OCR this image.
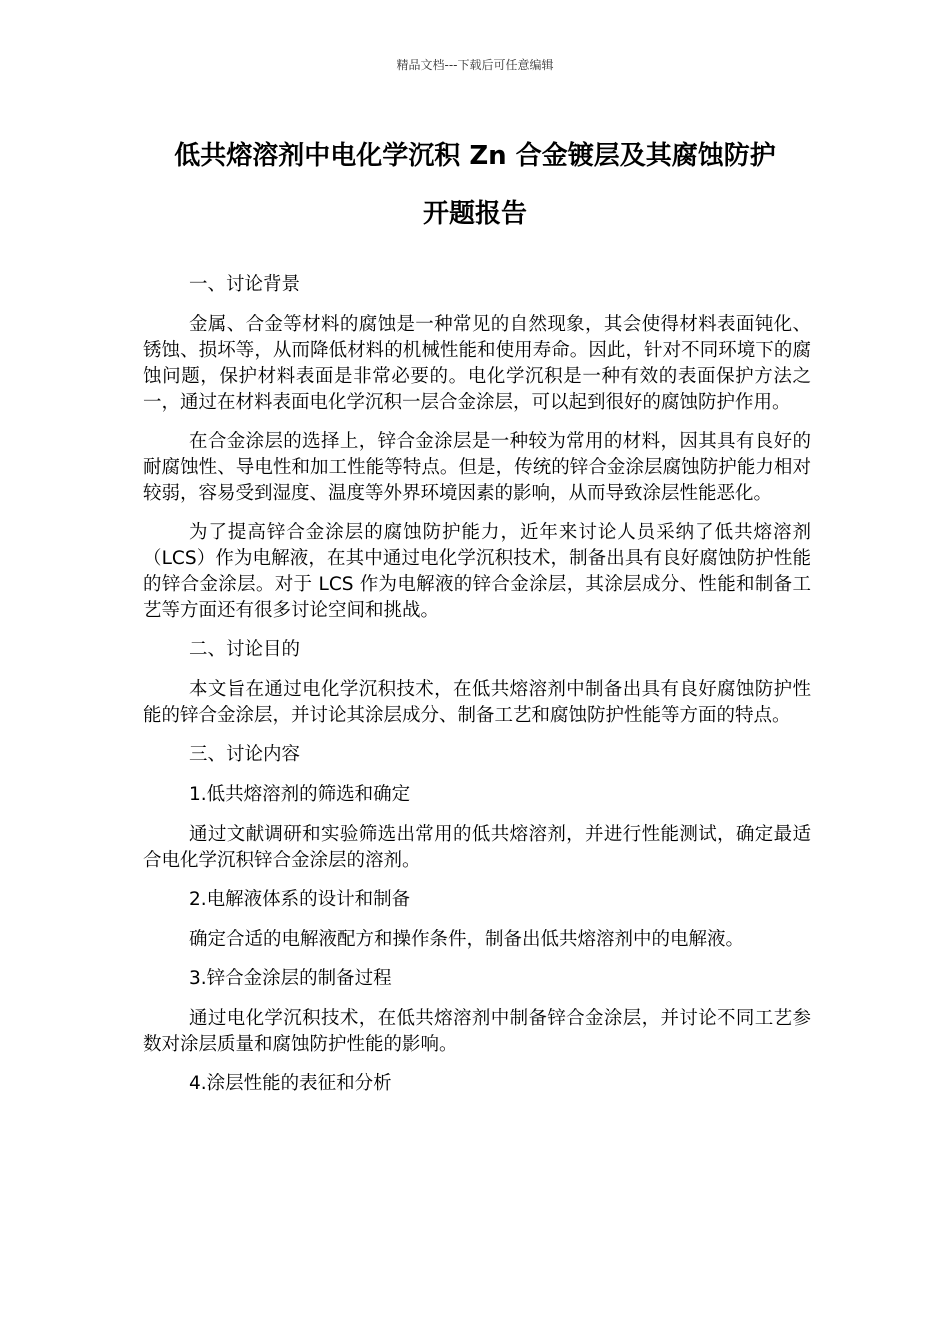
精品文档---下载后可任意编辑
低共熔溶剂中电化学沉积 Zn 合金镀层及其腐蚀防护
开题报告

一、讨论背景

金属、合金等材料的腐蚀是一种常见的自然现象，其会使得材料表面钝化、锈蚀、损坏等，从而降低材料的机械性能和使用寿命。因此，针对不同环境下的腐蚀问题，保护材料表面是非常必要的。电化学沉积是一种有效的表面保护方法之一，通过在材料表面电化学沉积一层合金涂层，可以起到很好的腐蚀防护作用。

在合金涂层的选择上，锌合金涂层是一种较为常用的材料，因其具有良好的耐腐蚀性、导电性和加工性能等特点。但是，传统的锌合金涂层腐蚀防护能力相对较弱，容易受到湿度、温度等外界环境因素的影响，从而导致涂层性能恶化。

为了提高锌合金涂层的腐蚀防护能力，近年来讨论人员采纳了低共熔溶剂（LCS）作为电解液，在其中通过电化学沉积技术，制备出具有良好腐蚀防护性能的锌合金涂层。对于 LCS 作为电解液的锌合金涂层，其涂层成分、性能和制备工艺等方面还有很多讨论空间和挑战。

二、讨论目的

本文旨在通过电化学沉积技术，在低共熔溶剂中制备出具有良好腐蚀防护性能的锌合金涂层，并讨论其涂层成分、制备工艺和腐蚀防护性能等方面的特点。

三、讨论内容

1.低共熔溶剂的筛选和确定

通过文献调研和实验筛选出常用的低共熔溶剂，并进行性能测试，确定最适合电化学沉积锌合金涂层的溶剂。

2.电解液体系的设计和制备

确定合适的电解液配方和操作条件，制备出低共熔溶剂中的电解液。

3.锌合金涂层的制备过程

通过电化学沉积技术，在低共熔溶剂中制备锌合金涂层，并讨论不同工艺参数对涂层质量和腐蚀防护性能的影响。

4.涂层性能的表征和分析
